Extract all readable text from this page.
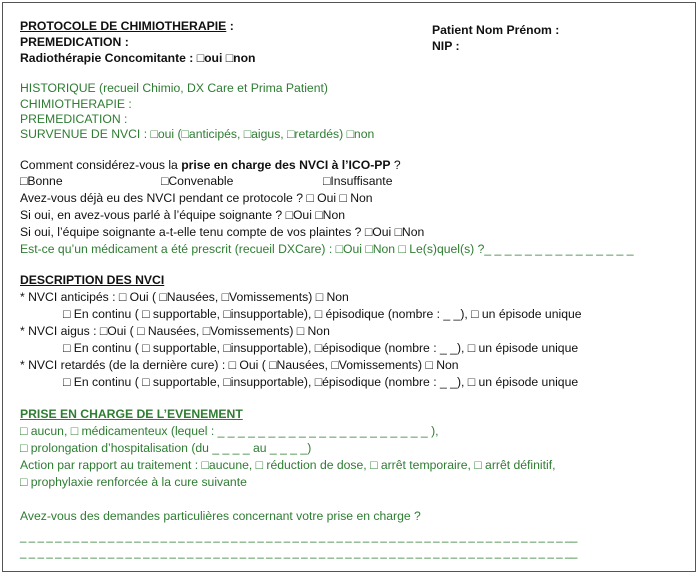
PROTOCOLE DE CHIMIOTHERAPIE :
PREMEDICATION :
Radiothérapie Concomitante : □oui □non
Patient Nom Prénom :
NIP :
HISTORIQUE (recueil Chimio, DX Care et Prima Patient)
CHIMIOTHERAPIE :
PREMEDICATION :
SURVENUE DE NVCI : □oui (□anticipés, □aigus, □retardés) □non
Comment considérez-vous la prise en charge des NVCI à l’ICO-PP ?
□Bonne	□Convenable	□Insuffisante
Avez-vous déjà eu des NVCI pendant ce protocole ? □ Oui □ Non
Si oui, en avez-vous parlé à l’équipe soignante ? □Oui □Non
Si oui, l’équipe soignante a-t-elle tenu compte de vos plaintes ? □Oui □Non
Est-ce qu’un médicament a été prescrit (recueil DXCare) : □Oui □Non □ Le(s)quel(s) ?_ _ _ _ _ _ _ _ _ _ _ _ _ _ _
DESCRIPTION DES NVCI
* NVCI anticipés : □ Oui ( □Nausées, □Vomissements) □ Non
□ En continu ( □ supportable, □insupportable), □ épisodique (nombre : _ _), □ un épisode unique
* NVCI aigus : □Oui ( □ Nausées, □Vomissements) □ Non
□ En continu ( □ supportable, □insupportable), □épisodique (nombre : _ _), □ un épisode unique
* NVCI retardés (de la dernière cure) : □ Oui ( □Nausées, □Vomissements) □ Non
□ En continu ( □ supportable, □insupportable), □épisodique (nombre : _ _), □ un épisode unique
PRISE EN CHARGE DE L’EVENEMENT
□ aucun, □ médicamenteux (lequel : _ _ _ _ _ _ _ _ _ _ _ _ _ _ _ _ _ _ _ _ _ ),
□ prolongation d’hospitalisation (du _ _ _ _ au _ _ _ _)
Action par rapport au traitement : □aucune, □ réduction de dose, □ arrêt temporaire, □ arrêt définitif,
□ prophylaxie renforcée à la cure suivante
Avez-vous des demandes particulières concernant votre prise en charge ?
_ _ _ _ _ _ _ _ _ _ _ _ _ _ _ _ _ _ _ _ _ _ _ _ _ _ _ _ _ _ _ _ _ _ _ _ _ _ _ _ _ _ _ _ _ _ _ _ _ _ _ _ _ _ _ _ _ _ _ _ _ _ __
_ _ _ _ _ _ _ _ _ _ _ _ _ _ _ _ _ _ _ _ _ _ _ _ _ _ _ _ _ _ _ _ _ _ _ _ _ _ _ _ _ _ _ _ _ _ _ _ _ _ _ _ _ _ _ _ _ _ _ _ _ _ __
